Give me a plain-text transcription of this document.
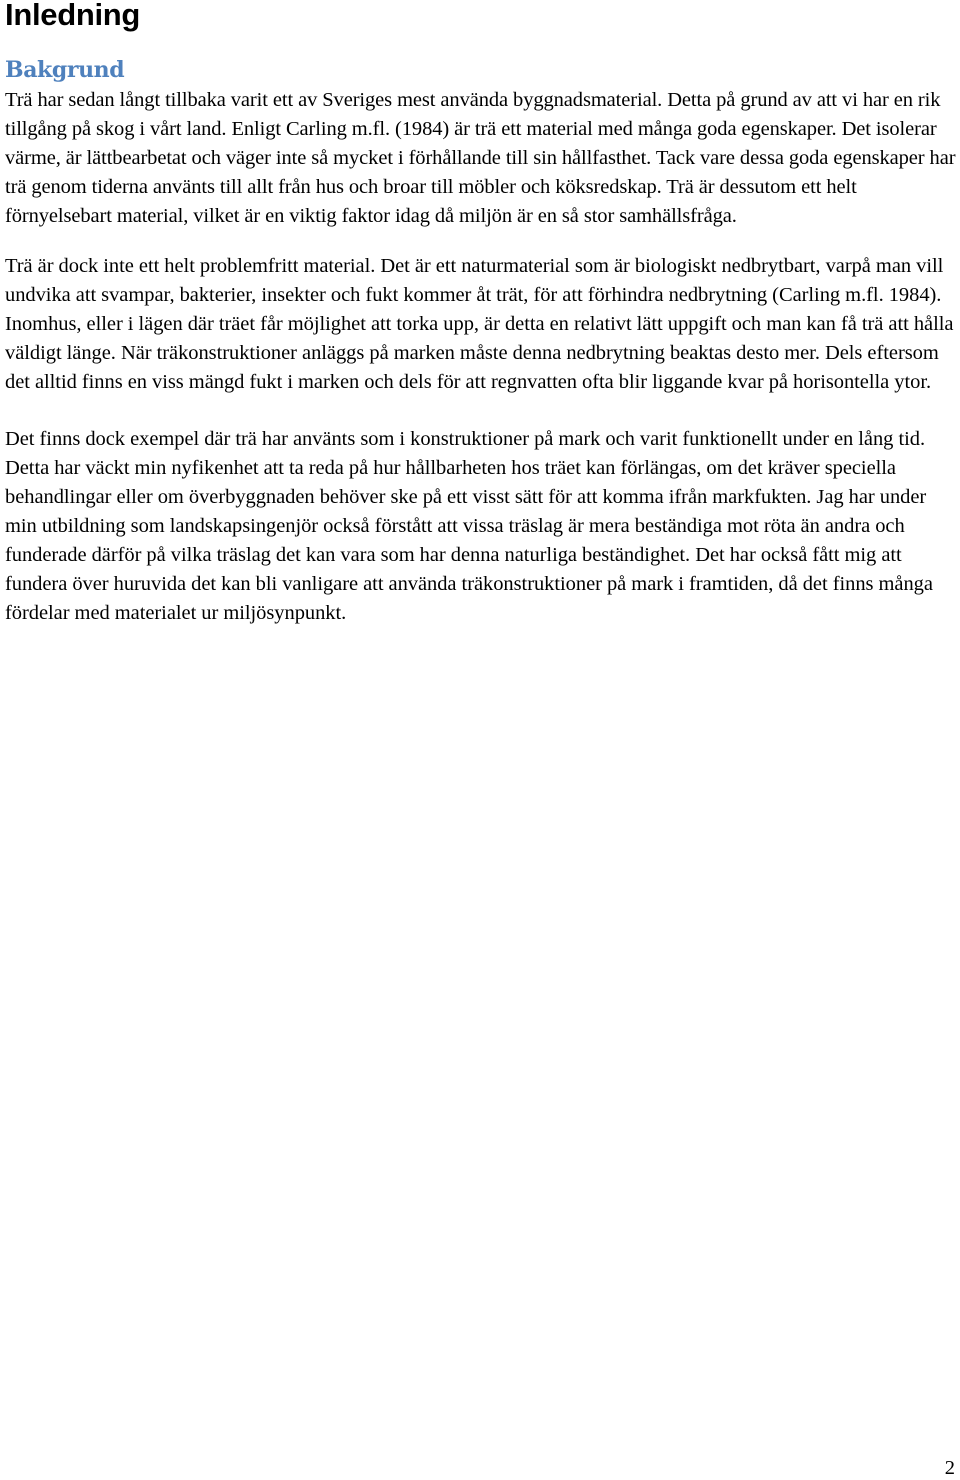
Inledning
Bakgrund

Trä har sedan långt tillbaka varit ett av Sveriges mest använda byggnadsmaterial. Detta på grund av att vi har en rik tillgång på skog i vårt land. Enligt Carling m.fl. (1984) är trä ett material med många goda egenskaper. Det isolerar värme, är lättbearbetat och väger inte så mycket i förhållande till sin hållfasthet. Tack vare dessa goda egenskaper har trä genom tiderna använts till allt från hus och broar till möbler och köksredskap. Trä är dessutom ett helt förnyelsebart material, vilket är en viktig faktor idag då miljön är en så stor samhällsfråga.

Trä är dock inte ett helt problemfritt material. Det är ett naturmaterial som är biologiskt nedbrytbart, varpå man vill undvika att svampar, bakterier, insekter och fukt kommer åt trät, för att förhindra nedbrytning (Carling m.fl. 1984). Inomhus, eller i lägen där träet får möjlighet att torka upp, är detta en relativt lätt uppgift och man kan få trä att hålla väldigt länge. När träkonstruktioner anläggs på marken måste denna nedbrytning beaktas desto mer. Dels eftersom det alltid finns en viss mängd fukt i marken och dels för att regnvatten ofta blir liggande kvar på horisontella ytor.

Det finns dock exempel där trä har använts som i konstruktioner på mark och varit funktionellt under en lång tid. Detta har väckt min nyfikenhet att ta reda på hur hållbarheten hos träet kan förlängas, om det kräver speciella behandlingar eller om överbyggnaden behöver ske på ett visst sätt för att komma ifrån markfukten. Jag har under min utbildning som landskapsingenjör också förstått att vissa träslag är mera beständiga mot röta än andra och funderade därför på vilka träslag det kan vara som har denna naturliga beständighet. Det har också fått mig att fundera över huruvida det kan bli vanligare att använda träkonstruktioner på mark i framtiden, då det finns många fördelar med materialet ur miljösynpunkt.

2
